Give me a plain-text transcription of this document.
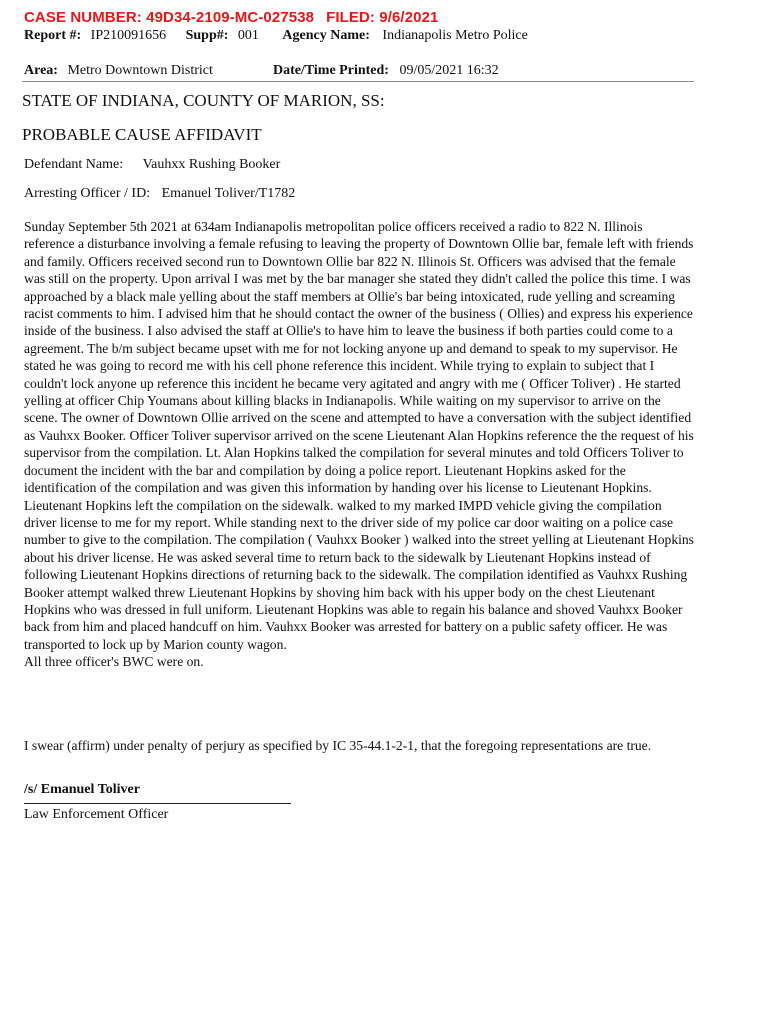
CASE NUMBER: 49D34-2109-MC-027538 FILED: 9/6/2021
Report #: IP210091656 Supp#: 001 Agency Name: Indianapolis Metro Police
Area: Metro Downtown District	Date/Time Printed: 09/05/2021 16:32
STATE OF INDIANA, COUNTY OF MARION, SS:
PROBABLE CAUSE AFFIDAVIT
Defendant Name: Vauhxx Rushing Booker
Arresting Officer / ID: Emanuel Toliver/T1782

Sunday September 5th 2021 at 634am Indianapolis metropolitan police officers received a radio to 822 N. Illinois reference a disturbance involving a female refusing to leaving the property of Downtown Ollie bar, female left with friends and family. Officers received second run to Downtown Ollie bar 822 N. Illinois St. Officers was advised that the female was still on the property. Upon arrival I was met by the bar manager she stated they didn't called the police this time. I was approached by a black male yelling about the staff members at Ollie's bar being intoxicated, rude yelling and screaming racist comments to him. I advised him that he should contact the owner of the business ( Ollies) and express his experience inside of the business. I also advised the staff at Ollie's to have him to leave the business if both parties could come to a agreement. The b/m subject became upset with me for not locking anyone up and demand to speak to my supervisor. He stated he was going to record me with his cell phone reference this incident. While trying to explain to subject that I couldn't lock anyone up reference this incident he became very agitated and angry with me ( Officer Toliver) . He started yelling at officer Chip Youmans about killing blacks in Indianapolis. While waiting on my supervisor to arrive on the scene. The owner of Downtown Ollie arrived on the scene and attempted to have a conversation with the subject identified as Vauhxx Booker. Officer Toliver supervisor arrived on the scene Lieutenant Alan Hopkins reference the the request of his supervisor from the compilation. Lt. Alan Hopkins talked the compilation for several minutes and told Officers Toliver to document the incident with the bar and compilation by doing a police report. Lieutenant Hopkins asked for the identification of the compilation and was given this information by handing over his license to Lieutenant Hopkins. Lieutenant Hopkins left the compilation on the sidewalk. walked to my marked IMPD vehicle giving the compilation driver license to me for my report. While standing next to the driver side of my police car door waiting on a police case number to give to the compilation. The compilation ( Vauhxx Booker ) walked into the street yelling at Lieutenant Hopkins about his driver license. He was asked several time to return back to the sidewalk by Lieutenant Hopkins instead of following Lieutenant Hopkins directions of returning back to the sidewalk. The compilation identified as Vauhxx Rushing Booker attempt walked threw Lieutenant Hopkins by shoving him back with his upper body on the chest Lieutenant Hopkins who was dressed in full uniform. Lieutenant Hopkins was able to regain his balance and shoved Vauhxx Booker back from him and placed handcuff on him. Vauhxx Booker was arrested for battery on a public safety officer. He was transported to lock up by Marion county wagon.

All three officer's BWC were on.

I swear (affirm) under penalty of perjury as specified by IC 35-44.1-2-1, that the foregoing representations are true.

/s/ Emanuel Toliver
Law Enforcement Officer
